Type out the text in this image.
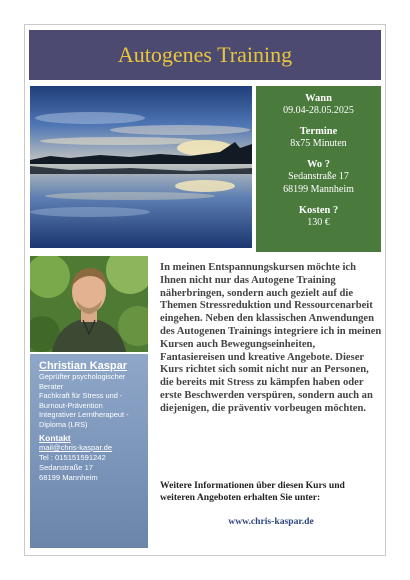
Autogenes Training
Wann
09.04-28.05.2025
Termine
8x75 Minuten
Wo ?
Sedanstraße 17
68199 Mannheim
Kosten ?
130 €
Christian Kaspar
Geprüfter psychologischer
Berater
Fachkraft für Stress und -
Burnout-Prävention
Integrativer Lerntherapeut -
Diploma (LRS)
Kontakt
mail@chris-kaspar.de
Tel : 015151591242
Sedanstraße 17
68199 Mannheim
In meinen Entspannungskursen möchte ich Ihnen nicht nur das Autogene Training näherbringen, sondern auch gezielt auf die Themen Stressreduktion und Ressourcenarbeit eingehen. Neben den klassischen Anwendungen des Autogenen Trainings integriere ich in meinen Kursen auch Bewegungseinheiten, Fantasiereisen und kreative Angebote. Dieser Kurs richtet sich somit nicht nur an Personen, die bereits mit Stress zu kämpfen haben oder erste Beschwerden verspüren, sondern auch an diejenigen, die präventiv vorbeugen möchten.
Weitere Informationen über diesen Kurs und weiteren Angeboten erhalten Sie unter:
www.chris-kaspar.de
